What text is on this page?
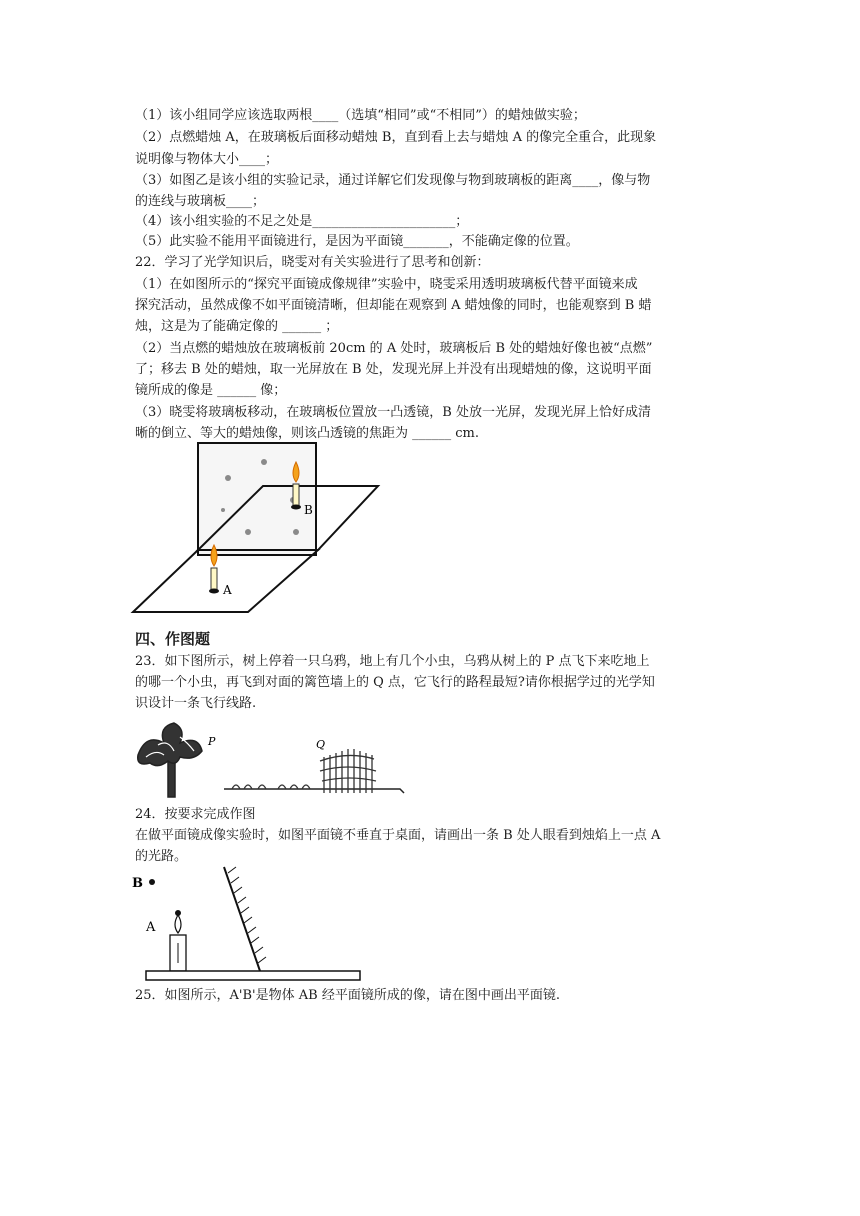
（1）该小组同学应该选取两根____（选填“相同”或“不相同”）的蜡烛做实验；
（2）点燃蜡烛 A，在玻璃板后面移动蜡烛 B，直到看上去与蜡烛 A 的像完全重合，此现象
说明像与物体大小____；
（3）如图乙是该小组的实验记录，通过详解它们发现像与物到玻璃板的距离____，像与物
的连线与玻璃板____；
（4）该小组实验的不足之处是______________________；
（5）此实验不能用平面镜进行，是因为平面镜_______，不能确定像的位置。
22．学习了光学知识后，晓雯对有关实验进行了思考和创新：
（1）在如图所示的“探究平面镜成像规律”实验中，晓雯采用透明玻璃板代替平面镜来成
探究活动，虽然成像不如平面镜清晰，但却能在观察到 A 蜡烛像的同时，也能观察到 B 蜡
烛，这是为了能确定像的 ______ ；
（2）当点燃的蜡烛放在玻璃板前 20cm 的 A 处时，玻璃板后 B 处的蜡烛好像也被“点燃”
了；移去 B 处的蜡烛，取一光屏放在 B 处，发现光屏上并没有出现蜡烛的像，这说明平面
镜所成的像是 ______ 像；
（3）晓雯将玻璃板移动，在玻璃板位置放一凸透镜，B 处放一光屏，发现光屏上恰好成清
晰的倒立、等大的蜡烛像，则该凸透镜的焦距为 ______ cm.
B
A
四、作图题
23．如下图所示，树上停着一只乌鸦，地上有几个小虫，乌鸦从树上的 P 点飞下来吃地上
的哪一个小虫，再飞到对面的篱笆墙上的 Q 点，它飞行的路程最短?请你根据学过的光学知
识设计一条飞行线路.
P	Q
24．按要求完成作图
在做平面镜成像实验时，如图平面镜不垂直于桌面，请画出一条 B 处人眼看到烛焰上一点 A
的光路。
B
A
25．如图所示，A'B'是物体 AB 经平面镜所成的像，请在图中画出平面镜.
